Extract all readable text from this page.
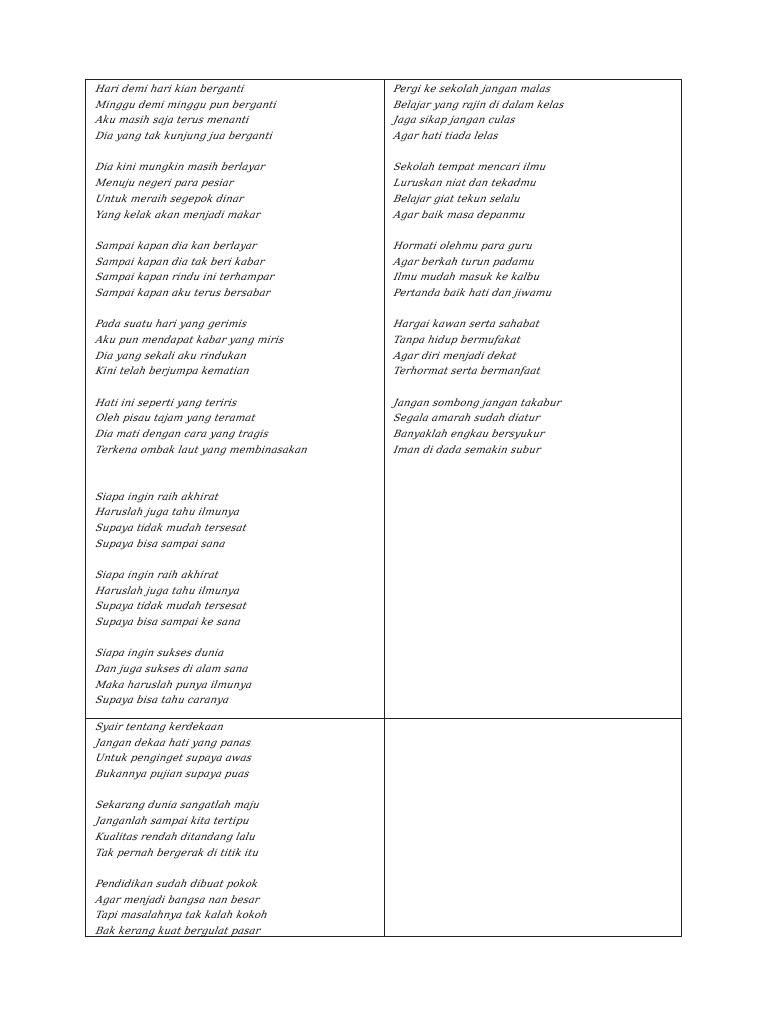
Hari demi hari kian berganti
Minggu demi minggu pun berganti
Aku masih saja terus menanti
Dia yang tak kunjung jua berganti
Dia kini mungkin masih berlayar
Menuju negeri para pesiar
Untuk meraih segepok dinar
Yang kelak akan menjadi makar
Sampai kapan dia kan berlayar
Sampai kapan dia tak beri kabar
Sampai kapan rindu ini terhampar
Sampai kapan aku terus bersabar
Pada suatu hari yang gerimis
Aku pun mendapat kabar yang miris
Dia yang sekali aku rindukan
Kini telah berjumpa kematian
Hati ini seperti yang teriris
Oleh pisau tajam yang teramat
Dia mati dengan cara yang tragis
Terkena ombak laut yang membinasakan
Siapa ingin raih akhirat
Haruslah juga tahu ilmunya
Supaya tidak mudah tersesat
Supaya bisa sampai sana
Siapa ingin raih akhirat
Haruslah juga tahu ilmunya
Supaya tidak mudah tersesat
Supaya bisa sampai ke sana
Siapa ingin sukses dunia
Dan juga sukses di alam sana
Maka haruslah punya ilmunya
Supaya bisa tahu caranya
Pergi ke sekolah jangan malas
Belajar yang rajin di dalam kelas
Jaga sikap jangan culas
Agar hati tiada lelas
Sekolah tempat mencari ilmu
Luruskan niat dan tekadmu
Belajar giat tekun selalu
Agar baik masa depanmu
Hormati olehmu para guru
Agar berkah turun padamu
Ilmu mudah masuk ke kalbu
Pertanda baik hati dan jiwamu
Hargai kawan serta sahabat
Tanpa hidup bermufakat
Agar diri menjadi dekat
Terhormat serta bermanfaat
Jangan sombong jangan takabur
Segala amarah sudah diatur
Banyaklah engkau bersyukur
Iman di dada semakin subur
Syair tentang kerdekaan
Jangan dekaa hati yang panas
Untuk penginget supaya awas
Bukannya pujian supaya puas
Sekarang dunia sangatlah maju
Janganlah sampai kita tertipu
Kualitas rendah ditandang lalu
Tak pernah bergerak di titik itu
Pendidikan sudah dibuat pokok
Agar menjadi bangsa nan besar
Tapi masalahnya tak kalah kokoh
Bak kerang kuat bergulat pasar
